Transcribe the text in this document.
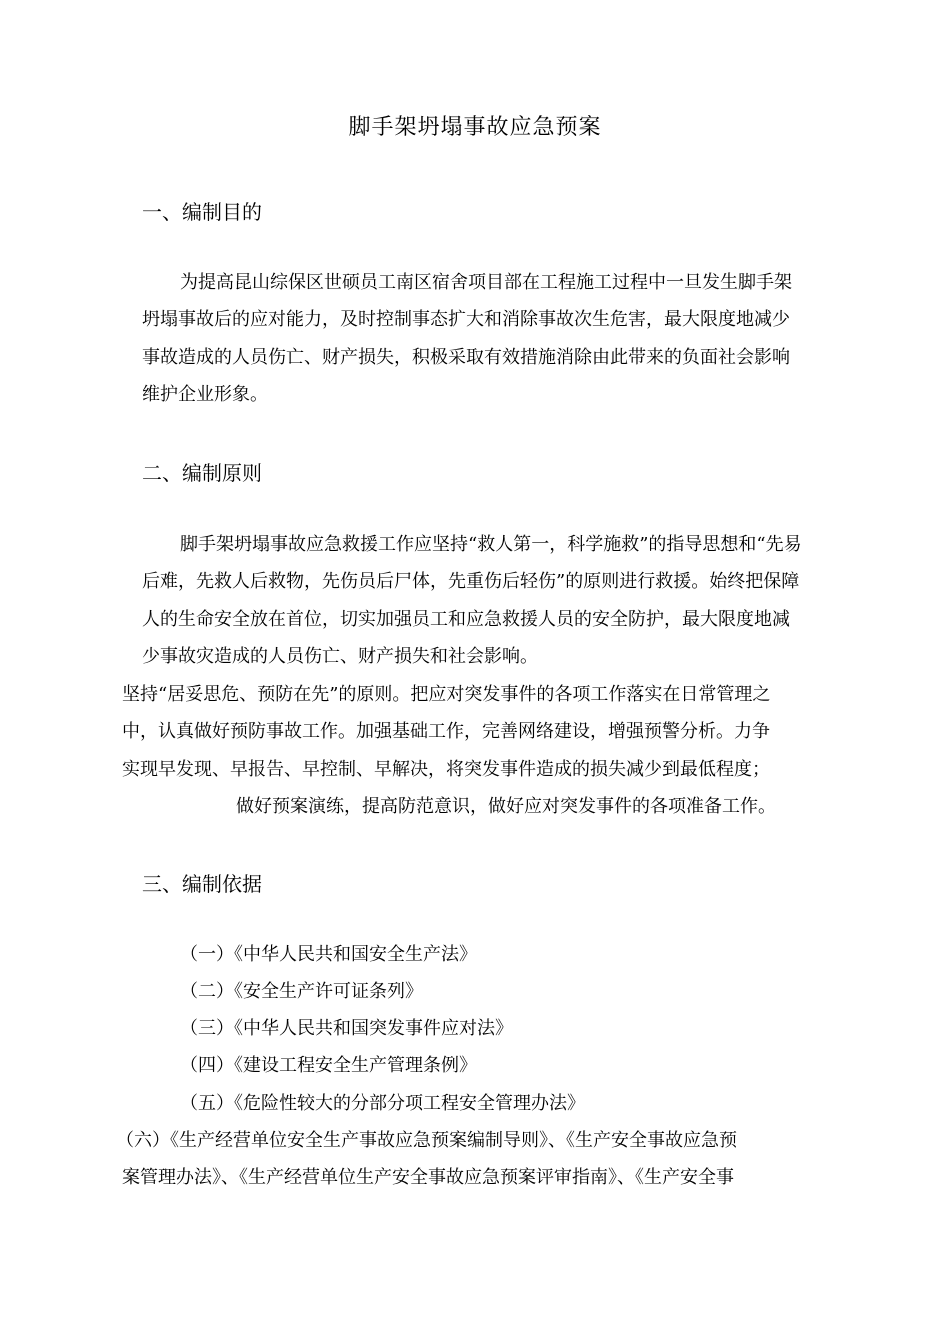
脚手架坍塌事故应急预案
一、编制目的
为提高昆山综保区世硕员工南区宿舍项目部在工程施工过程中一旦发生脚手架
坍塌事故后的应对能力，及时控制事态扩大和消除事故次生危害，最大限度地减少
事故造成的人员伤亡、财产损失，积极采取有效措施消除由此带来的负面社会影响
维护企业形象。
二、编制原则
脚手架坍塌事故应急救援工作应坚持“救人第一，科学施救”的指导思想和“先易
后难，先救人后救物，先伤员后尸体，先重伤后轻伤”的原则进行救援。始终把保障
人的生命安全放在首位，切实加强员工和应急救援人员的安全防护，最大限度地减
少事故灾造成的人员伤亡、财产损失和社会影响。
坚持“居妥思危、预防在先”的原则。把应对突发事件的各项工作落实在日常管理之
中，认真做好预防事故工作。加强基础工作，完善网络建设，增强预警分析。力争
实现早发现、早报告、早控制、早解决，将突发事件造成的损失减少到最低程度；
做好预案演练，提高防范意识，做好应对突发事件的各项准备工作。
三、编制依据
（一）《中华人民共和国安全生产法》
（二）《安全生产许可证条列》
（三）《中华人民共和国突发事件应对法》
（四）《建设工程安全生产管理条例》
（五）《危险性较大的分部分项工程安全管理办法》
（六）《生产经营单位安全生产事故应急预案编制导则》、《生产安全事故应急预
案管理办法》、《生产经营单位生产安全事故应急预案评审指南》、《生产安全事
